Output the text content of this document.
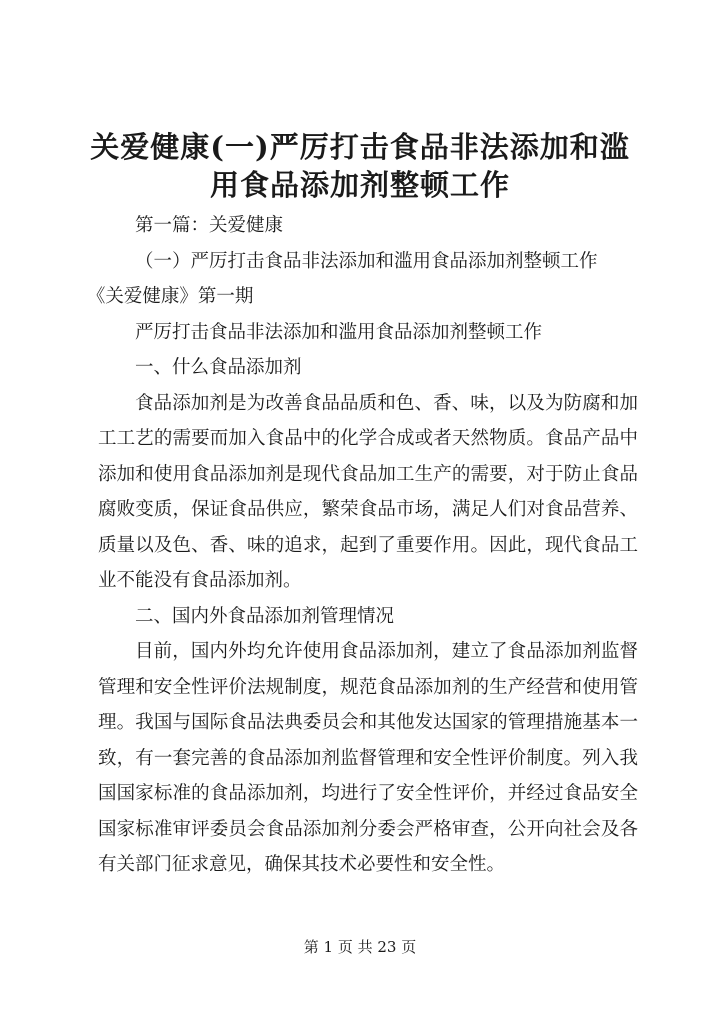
关爱健康(一)严厉打击食品非法添加和滥用食品添加剂整顿工作

第一篇：关爱健康

（一）严厉打击食品非法添加和滥用食品添加剂整顿工作

《关爱健康》第一期

严厉打击食品非法添加和滥用食品添加剂整顿工作

一、什么食品添加剂

食品添加剂是为改善食品品质和色、香、味，以及为防腐和加工工艺的需要而加入食品中的化学合成或者天然物质。食品产品中添加和使用食品添加剂是现代食品加工生产的需要，对于防止食品腐败变质，保证食品供应，繁荣食品市场，满足人们对食品营养、质量以及色、香、味的追求，起到了重要作用。因此，现代食品工业不能没有食品添加剂。

二、国内外食品添加剂管理情况

目前，国内外均允许使用食品添加剂，建立了食品添加剂监督管理和安全性评价法规制度，规范食品添加剂的生产经营和使用管理。我国与国际食品法典委员会和其他发达国家的管理措施基本一致，有一套完善的食品添加剂监督管理和安全性评价制度。列入我国国家标准的食品添加剂，均进行了安全性评价，并经过食品安全国家标准审评委员会食品添加剂分委会严格审查，公开向社会及各有关部门征求意见，确保其技术必要性和安全性。

第 1 页 共 23 页
